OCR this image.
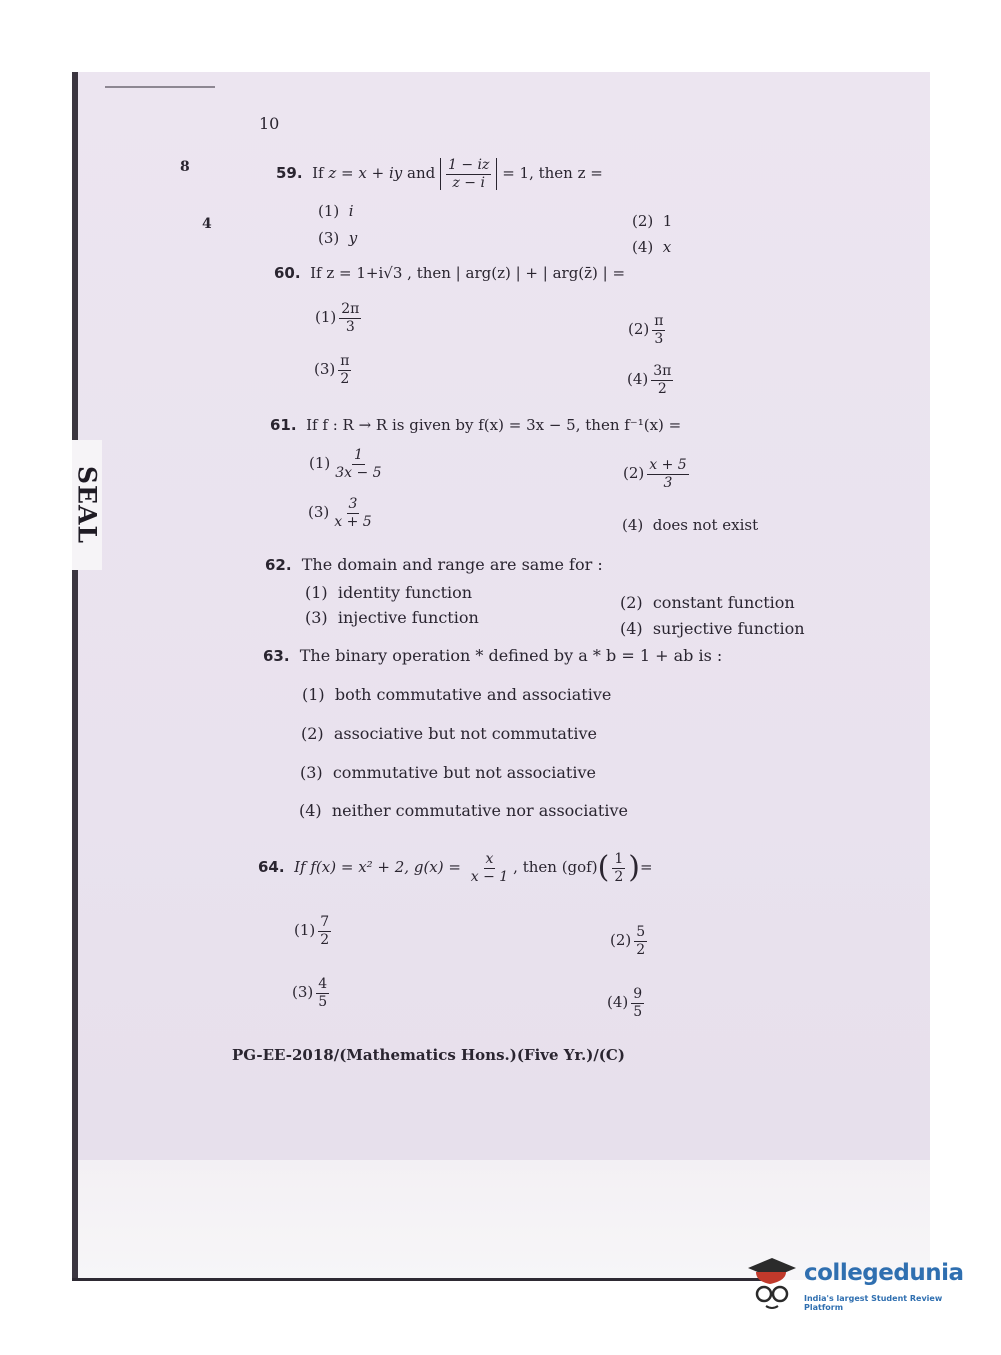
SEAL
10
8
4
59. If z = x + iy and $\frac{1 - iz}{z - i} = 1$, then z =
(1) i
(2) 1
(3) y	(4) x
60. If z = 1+i√3 , then | arg(z) | + | arg(z̄) | =
$(1) \frac{2\pi}{3}$	$(2) \frac{\pi}{3}$
$(3) \frac{\pi}{2}$	$(4) \frac{3\pi}{2}$
61. If f : R → R is given by f(x) = 3x − 5, then f⁻¹(x) =
$(1) \frac{1}{3x - 5}$	$(2) \frac{x + 5}{3}$
$(3) \frac{3}{x + 5}$	(4) does not exist
62. The domain and range are same for :
(1) identity function
(2) constant function
(3) injective function
(4) surjective function
63. The binary operation * defined by a * b = 1 + ab is :
(1) both commutative and associative
(2) associative but not commutative
(3) commutative but not associative
(4) neither commutative nor associative
64. If f(x) = x² + 2, $g(x) = \frac{x}{x - 1}$ , then $(gof)( \frac{1}{2}$ )=
$(1) \frac{7}{2}$	$(2) \frac{5}{2}$
$(3) \frac{4}{5}$	$(4) \frac{9}{5}$
PG-EE-2018/(Mathematics Hons.)(Five Yr.)/(C)
collegedunia
India's largest Student Review Platform
